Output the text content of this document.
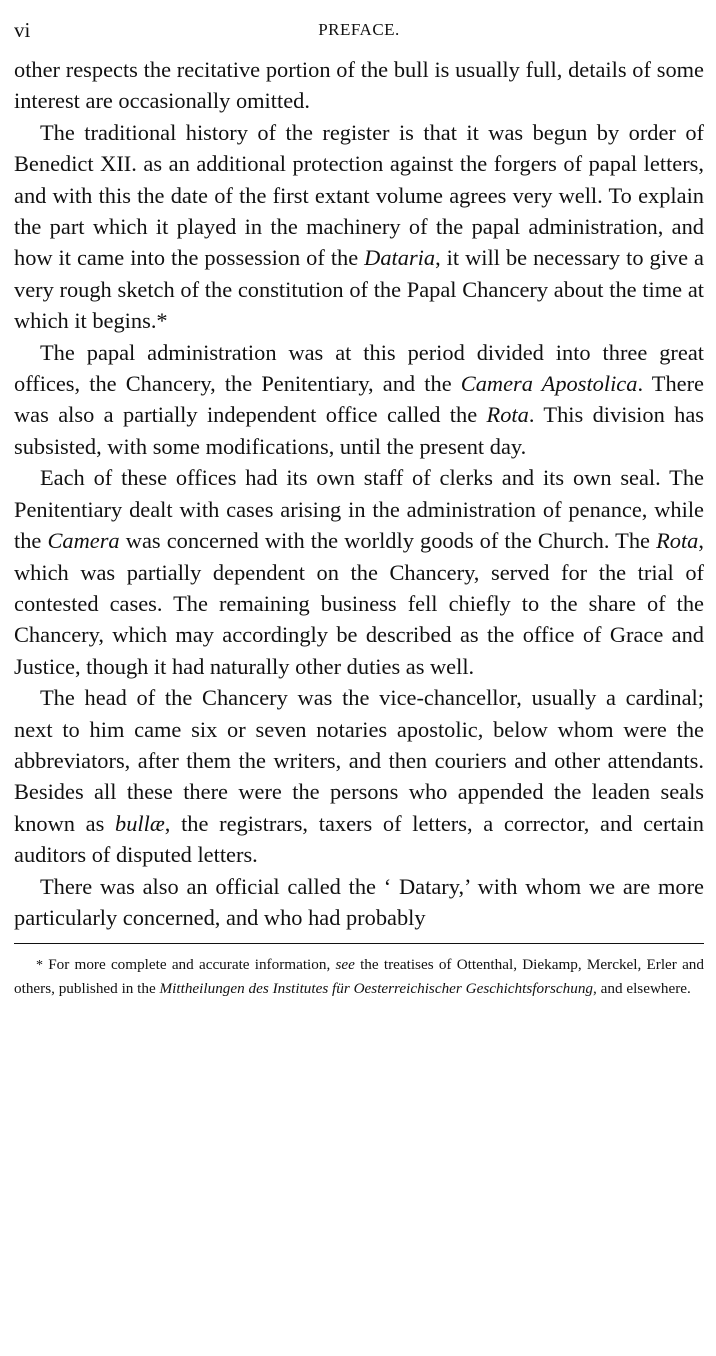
vi	PREFACE.

other respects the recitative portion of the bull is usually full, details of some interest are occasionally omitted.

The traditional history of the register is that it was begun by order of Benedict XII. as an additional protection against the forgers of papal letters, and with this the date of the first extant volume agrees very well. To explain the part which it played in the machinery of the papal administration, and how it came into the possession of the Dataria, it will be necessary to give a very rough sketch of the constitution of the Papal Chancery about the time at which it begins.*

The papal administration was at this period divided into three great offices, the Chancery, the Penitentiary, and the Camera Apostolica. There was also a partially independent office called the Rota. This division has subsisted, with some modifications, until the present day.

Each of these offices had its own staff of clerks and its own seal. The Penitentiary dealt with cases arising in the administration of penance, while the Camera was concerned with the worldly goods of the Church. The Rota, which was partially dependent on the Chancery, served for the trial of contested cases. The remaining business fell chiefly to the share of the Chancery, which may accordingly be described as the office of Grace and Justice, though it had naturally other duties as well.

The head of the Chancery was the vice-chancellor, usually a cardinal; next to him came six or seven notaries apostolic, below whom were the abbreviators, after them the writers, and then couriers and other attendants. Besides all these there were the persons who appended the leaden seals known as bullæ, the registrars, taxers of letters, a corrector, and certain auditors of disputed letters.

There was also an official called the ‘ Datary,’ with whom we are more particularly concerned, and who had probably

* For more complete and accurate information, see the treatises of Ottenthal, Diekamp, Merckel, Erler and others, published in the Mittheilungen des Institutes für Oesterreichischer Geschichtsforschung, and elsewhere.
